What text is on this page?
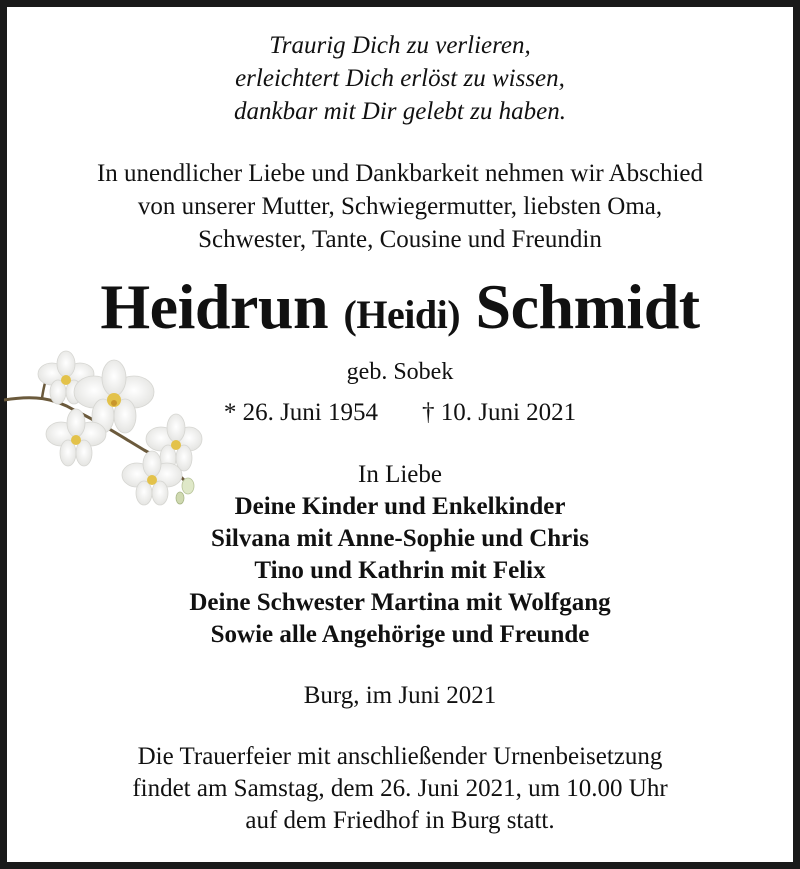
Traurig Dich zu verlieren,
erleichtert Dich erlöst zu wissen,
dankbar mit Dir gelebt zu haben.
In unendlicher Liebe und Dankbarkeit nehmen wir Abschied
von unserer Mutter, Schwiegermutter, liebsten Oma,
Schwester, Tante, Cousine und Freundin
Heidrun (Heidi) Schmidt
geb. Sobek
* 26. Juni 1954 † 10. Juni 2021
In Liebe
Deine Kinder und Enkelkinder
Silvana mit Anne-Sophie und Chris
Tino und Kathrin mit Felix
Deine Schwester Martina mit Wolfgang
Sowie alle Angehörige und Freunde
Burg, im Juni 2021
Die Trauerfeier mit anschließender Urnenbeisetzung
findet am Samstag, dem 26. Juni 2021, um 10.00 Uhr
auf dem Friedhof in Burg statt.
